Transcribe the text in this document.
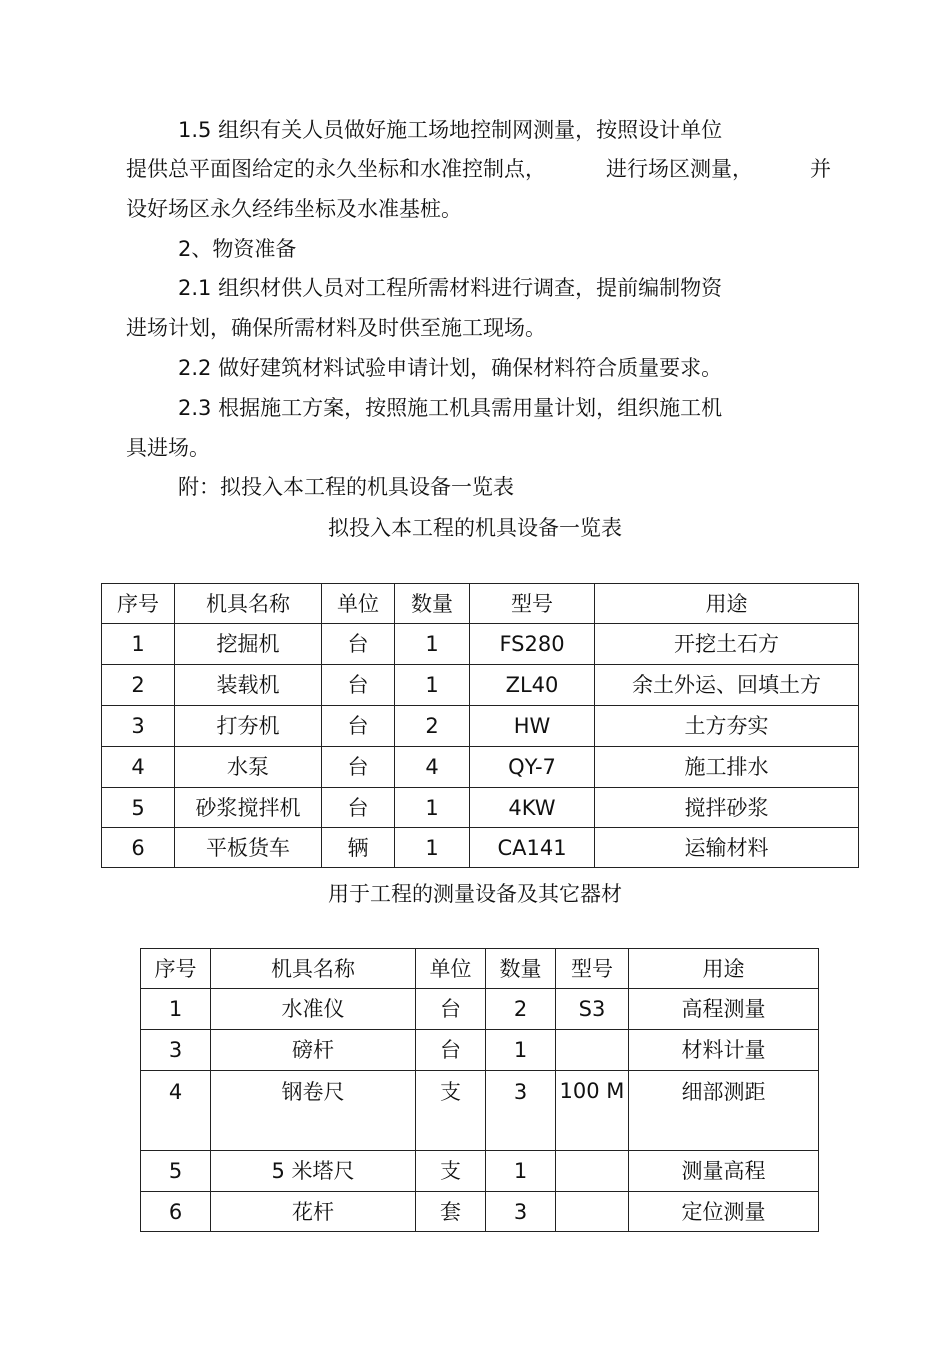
1.5 组织有关人员做好施工场地控制网测量，按照设计单位
提供总平面图给定的永久坐标和水准控制点，	进行场区测量，	并
设好场区永久经纬坐标及水准基桩。
2、物资准备
2.1 组织材供人员对工程所需材料进行调查，提前编制物资
进场计划，确保所需材料及时供至施工现场。
2.2 做好建筑材料试验申请计划，确保材料符合质量要求。
2.3 根据施工方案，按照施工机具需用量计划，组织施工机
具进场。
附：拟投入本工程的机具设备一览表
拟投入本工程的机具设备一览表
序号	机具名称	单位	数量	型号	用途
1	挖掘机	台	1	FS280	开挖土石方
2	装载机	台	1	ZL40	余土外运、回填土方
3	打夯机	台	2	HW	土方夯实
4	水泵	台	4	QY-7	施工排水
5	砂浆搅拌机	台	1	4KW	搅拌砂浆
6	平板货车	辆	1	CA141	运输材料
用于工程的测量设备及其它器材
序号	机具名称	单位	数量	型号	用途
1	水准仪	台	2	S3	高程测量
3	磅杆	台	1		材料计量
4	钢卷尺	支	3	100 M	细部测距
5	5 米塔尺	支	1		测量高程
6	花杆	套	3		定位测量
